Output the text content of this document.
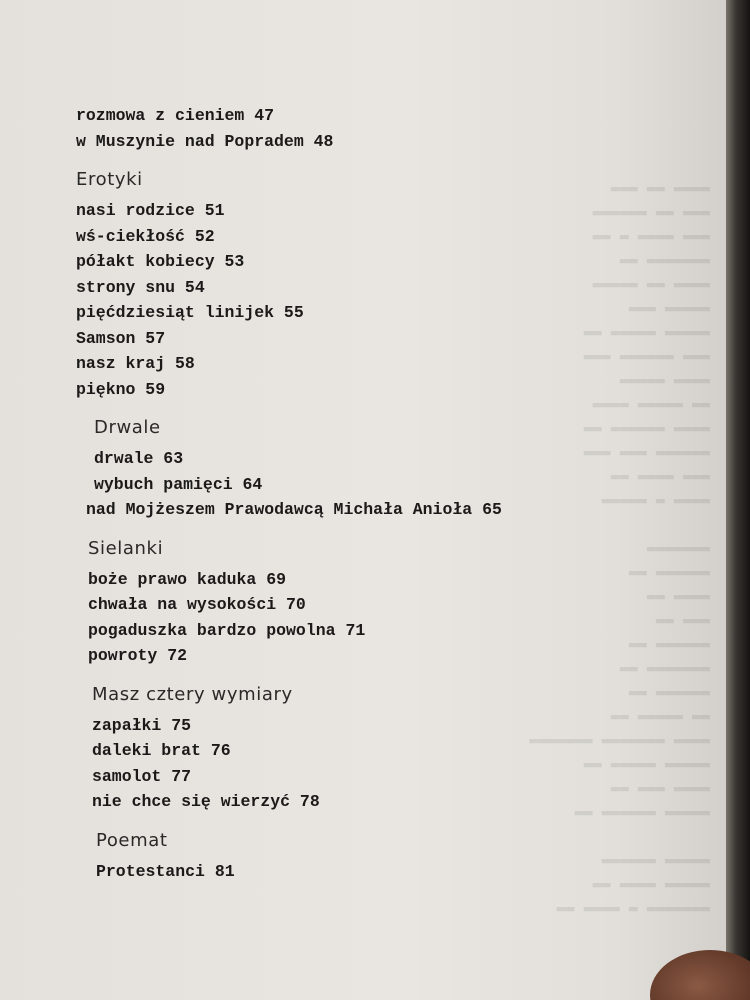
▬▬▬▬ ▬▬ ▬▬▬
▬▬▬ ▬▬ ▬▬▬▬▬▬
▬▬▬ ▬▬▬▬ ▬ ▬▬
▬▬▬▬▬▬▬ ▬▬
▬▬▬▬ ▬▬ ▬▬▬▬▬
▬▬▬▬▬ ▬▬▬
▬▬▬▬▬ ▬▬▬▬▬ ▬▬
▬▬▬ ▬▬▬▬▬▬ ▬▬▬
▬▬▬▬ ▬▬▬▬▬
▬▬ ▬▬▬▬▬ ▬▬▬▬
▬▬▬▬ ▬▬▬▬▬▬ ▬▬
▬▬▬▬▬▬ ▬▬▬ ▬▬▬
▬▬▬ ▬▬▬▬ ▬▬
▬▬▬▬ ▬ ▬▬▬▬▬

▬▬▬▬▬▬▬
▬▬▬▬▬▬ ▬▬
▬▬▬▬ ▬▬
▬▬▬ ▬▬
▬▬▬▬▬▬ ▬▬
▬▬▬▬▬▬▬ ▬▬
▬▬▬▬▬▬ ▬▬
▬▬ ▬▬▬▬▬ ▬▬
▬▬▬▬ ▬▬▬▬▬▬▬ ▬▬▬▬▬▬▬
▬▬▬▬▬ ▬▬▬▬▬ ▬▬
▬▬▬▬ ▬▬▬ ▬▬
▬▬▬▬▬ ▬▬▬▬▬▬ ▬▬

▬▬▬▬▬ ▬▬▬▬▬▬
▬▬▬▬▬ ▬▬▬▬ ▬▬
▬▬▬▬▬▬▬ ▬ ▬▬▬▬ ▬▬
rozmowa z cieniem 47
w Muszynie nad Popradem 48
Erotyki
nasi rodzice 51
wś-ciekłość 52
półakt kobiecy 53
strony snu 54
pięćdziesiąt linijek 55
Samson 57
nasz kraj 58
piękno 59
Drwale
drwale 63
wybuch pamięci 64
nad Mojżeszem Prawodawcą Michała Anioła 65
Sielanki
boże prawo kaduka 69
chwała na wysokości 70
pogaduszka bardzo powolna 71
powroty 72
Masz cztery wymiary
zapałki 75
daleki brat 76
samolot 77
nie chce się wierzyć 78
Poemat
Protestanci 81
